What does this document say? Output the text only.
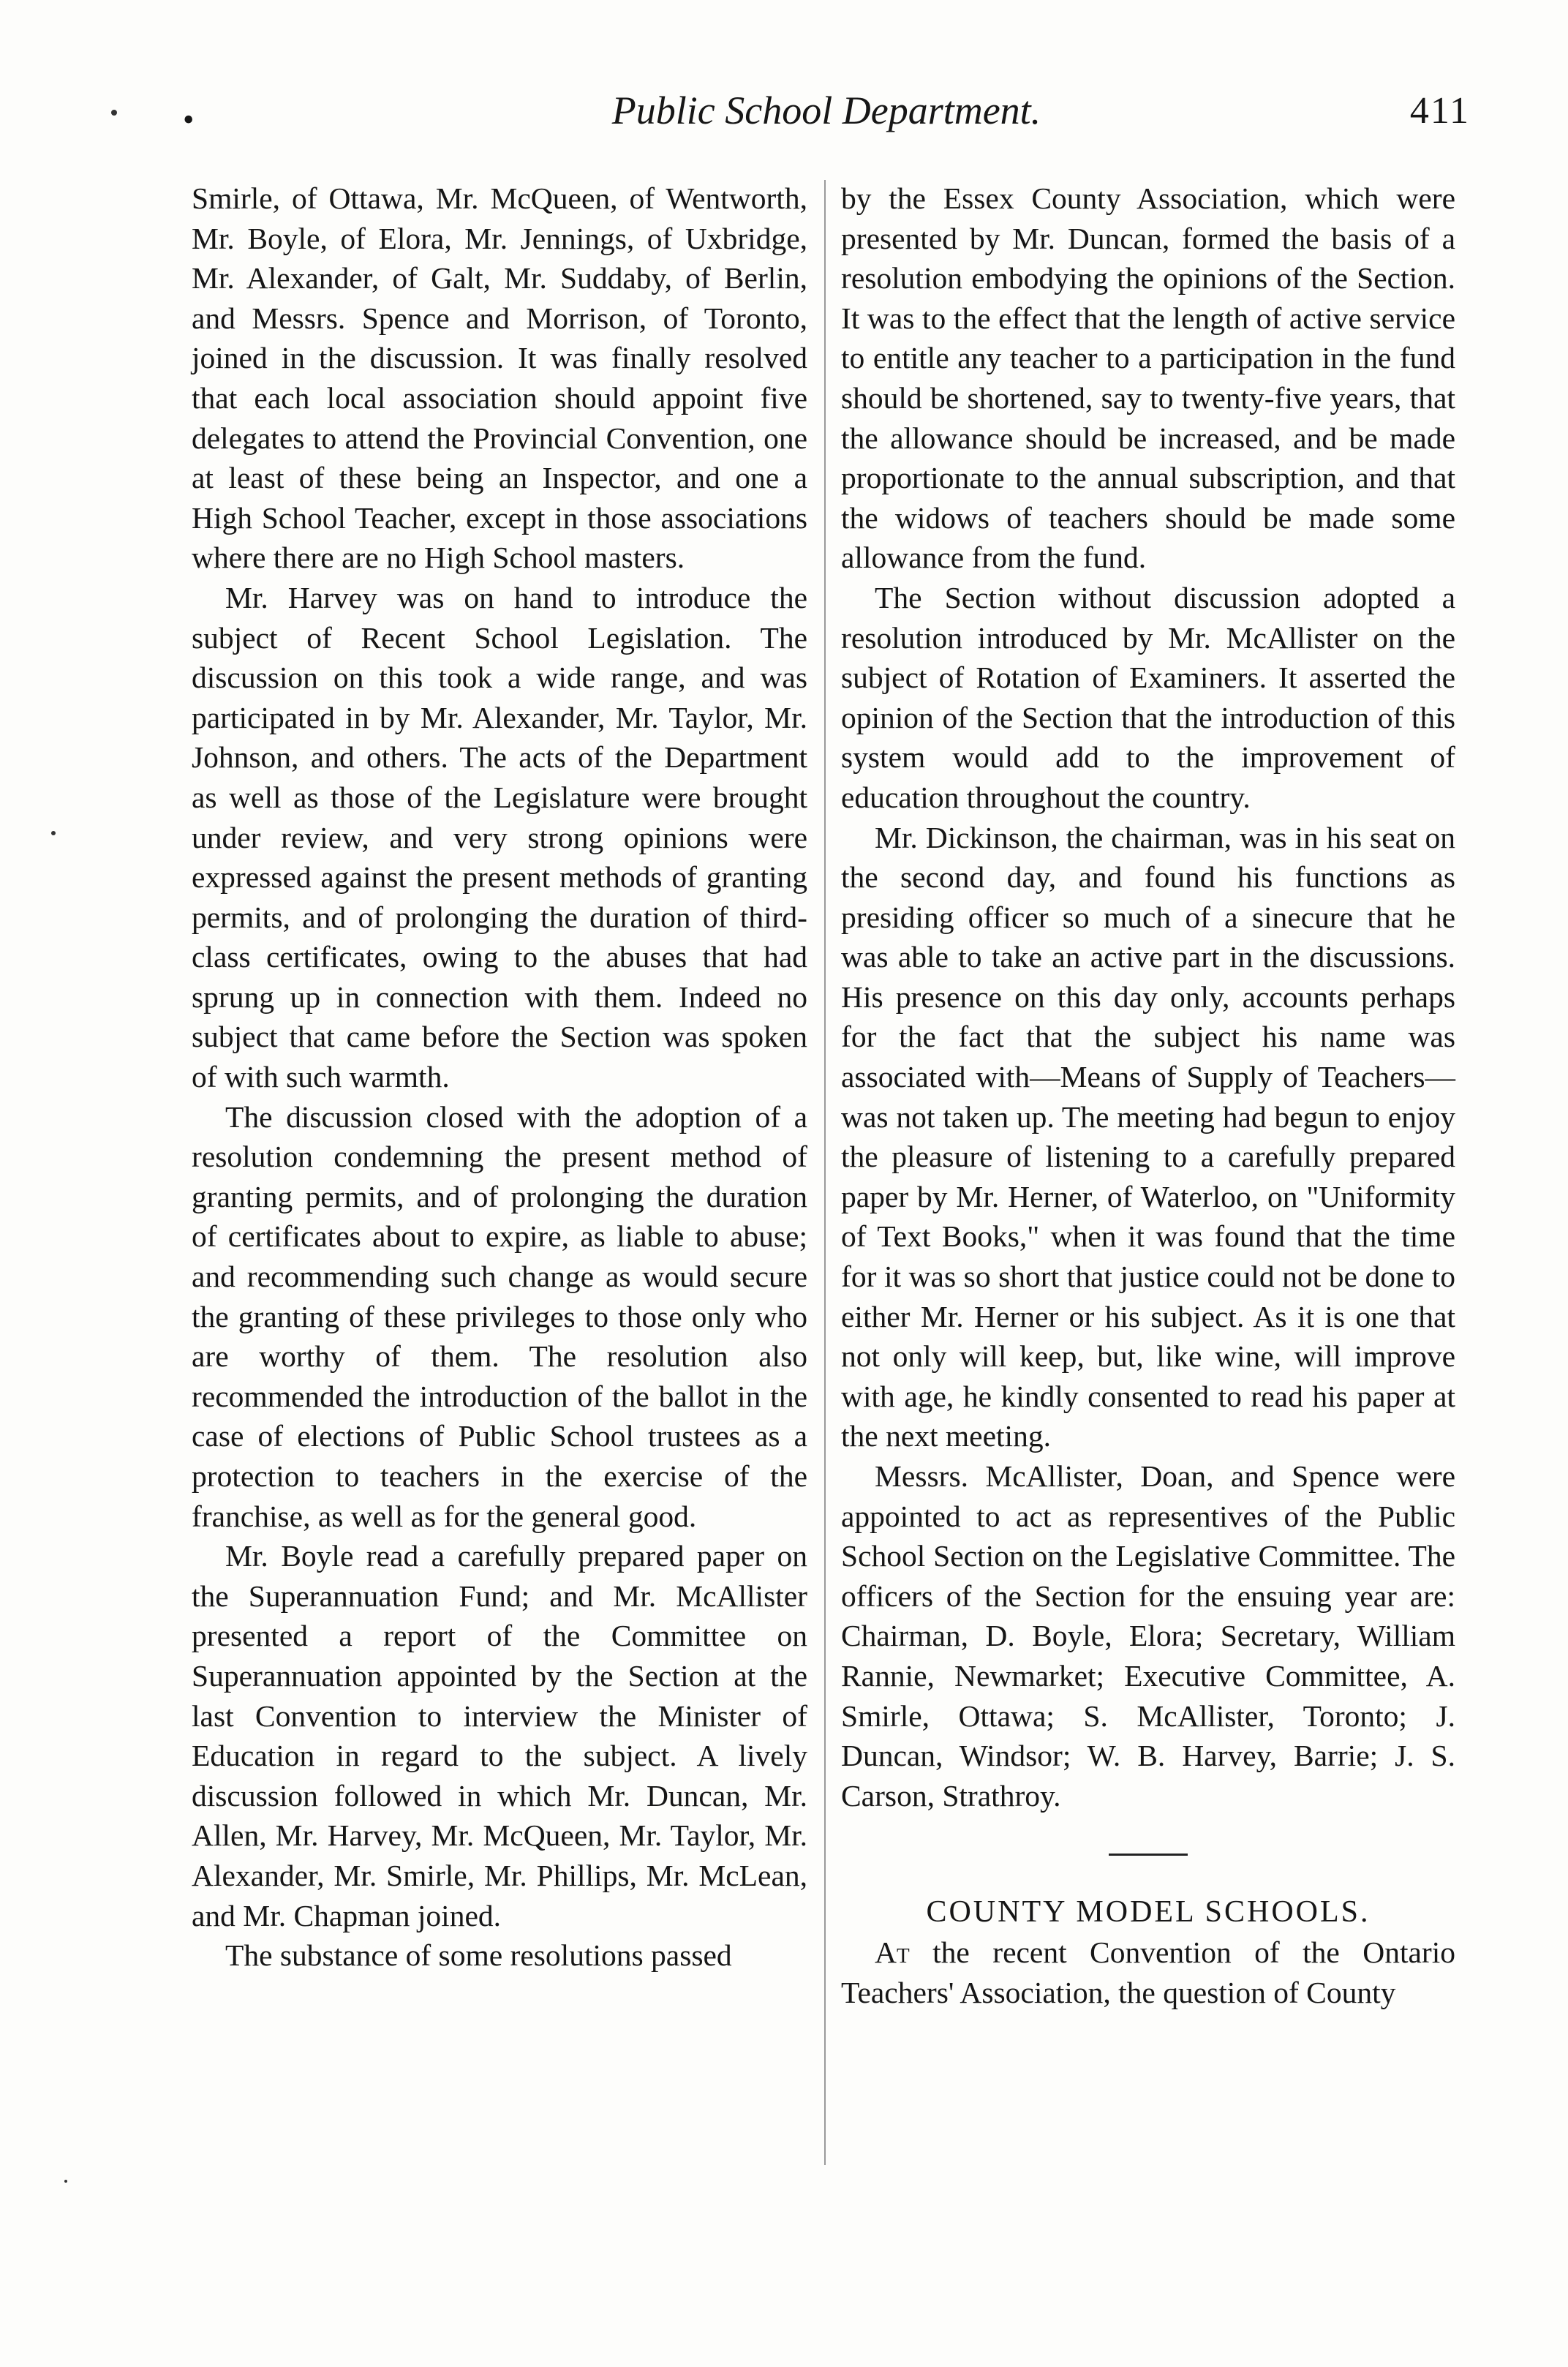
•	Public School Department.	411

Smirle, of Ottawa, Mr. McQueen, of Wentworth, Mr. Boyle, of Elora, Mr. Jennings, of Uxbridge, Mr. Alexander, of Galt, Mr. Suddaby, of Berlin, and Messrs. Spence and Morrison, of Toronto, joined in the discussion. It was finally resolved that each local association should appoint five delegates to attend the Provincial Convention, one at least of these being an Inspector, and one a High School Teacher, except in those associations where there are no High School masters.

Mr. Harvey was on hand to introduce the subject of Recent School Legislation. The discussion on this took a wide range, and was participated in by Mr. Alexander, Mr. Taylor, Mr. Johnson, and others. The acts of the Department as well as those of the Legislature were brought under review, and very strong opinions were expressed against the present methods of granting permits, and of prolonging the duration of third-class certificates, owing to the abuses that had sprung up in connection with them. Indeed no subject that came before the Section was spoken of with such warmth.

The discussion closed with the adoption of a resolution condemning the present method of granting permits, and of prolonging the duration of certificates about to expire, as liable to abuse; and recommending such change as would secure the granting of these privileges to those only who are worthy of them. The resolution also recommended the introduction of the ballot in the case of elections of Public School trustees as a protection to teachers in the exercise of the franchise, as well as for the general good.

Mr. Boyle read a carefully prepared paper on the Superannuation Fund; and Mr. McAllister presented a report of the Committee on Superannuation appointed by the Section at the last Convention to interview the Minister of Education in regard to the subject. A lively discussion followed in which Mr. Duncan, Mr. Allen, Mr. Harvey, Mr. McQueen, Mr. Taylor, Mr. Alexander, Mr. Smirle, Mr. Phillips, Mr. McLean, and Mr. Chapman joined.

The substance of some resolutions passed

by the Essex County Association, which were presented by Mr. Duncan, formed the basis of a resolution embodying the opinions of the Section. It was to the effect that the length of active service to entitle any teacher to a participation in the fund should be shortened, say to twenty-five years, that the allowance should be increased, and be made proportionate to the annual subscription, and that the widows of teachers should be made some allowance from the fund.

The Section without discussion adopted a resolution introduced by Mr. McAllister on the subject of Rotation of Examiners. It asserted the opinion of the Section that the introduction of this system would add to the improvement of education throughout the country.

Mr. Dickinson, the chairman, was in his seat on the second day, and found his functions as presiding officer so much of a sinecure that he was able to take an active part in the discussions. His presence on this day only, accounts perhaps for the fact that the subject his name was associated with—Means of Supply of Teachers—was not taken up. The meeting had begun to enjoy the pleasure of listening to a carefully prepared paper by Mr. Herner, of Waterloo, on "Uniformity of Text Books," when it was found that the time for it was so short that justice could not be done to either Mr. Herner or his subject. As it is one that not only will keep, but, like wine, will improve with age, he kindly consented to read his paper at the next meeting.

Messrs. McAllister, Doan, and Spence were appointed to act as representives of the Public School Section on the Legislative Committee. The officers of the Section for the ensuing year are: Chairman, D. Boyle, Elora; Secretary, William Rannie, Newmarket; Executive Committee, A. Smirle, Ottawa; S. McAllister, Toronto; J. Duncan, Windsor; W. B. Harvey, Barrie; J. S. Carson, Strathroy.

COUNTY MODEL SCHOOLS.

At the recent Convention of the Ontario Teachers' Association, the question of County
